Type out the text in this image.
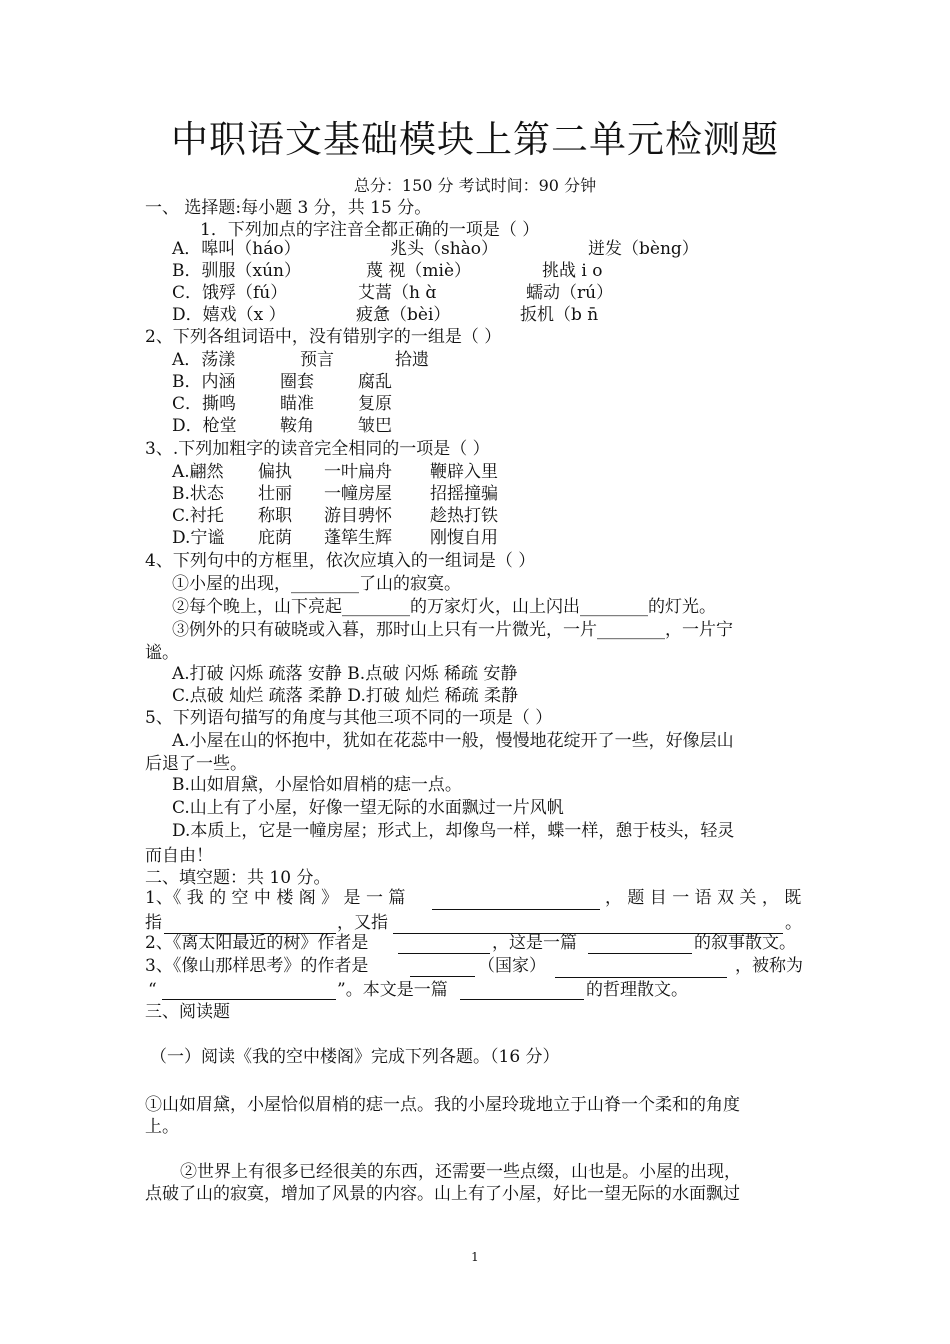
中职语文基础模块上第二单元检测题
总分：150 分 考试时间：90 分钟
一、 选择题:每小题 3 分，共 15 分。
1．下列加点的字注音全都正确的一项是（ ）
A．嗥叫（háo）	兆头（shào）	迸发（bèng）
B．驯服（xún）	蔑 视（miè）	挑战 i o
C．饿殍（fú）	艾蒿（h ɑ̀	蠕动（rú）
D．嬉戏（x ）	疲惫（bèi）	扳机（b n̄
2、下列各组词语中，没有错别字的一组是（ ）
A．荡漾	预言	拾遗
B．内涵	圈套	腐乱
C．撕鸣	瞄准	复原
D．枪堂	鞍角	皱巴
3、.下列加粗字的读音完全相同的一项是（ ）
A.翩然 偏执 一叶扁舟 鞭辟入里
B.状态 壮丽 一幢房屋 招摇撞骗
C.衬托 称职 游目骋怀 趁热打铁
D.宁谧 庇荫 蓬筚生辉 刚愎自用
4、下列句中的方框里，依次应填入的一组词是（ ）
①小屋的出现，________了山的寂寞。
②每个晚上，山下亮起________的万家灯火，山上闪出________的灯光。
③例外的只有破晓或入暮，那时山上只有一片微光，一片________，一片宁
谧。
A.打破 闪烁 疏落 安静 B.点破 闪烁 稀疏 安静
C.点破 灿烂 疏落 柔静 D.打破 灿烂 稀疏 柔静
5、下列语句描写的角度与其他三项不同的一项是（ ）
A.小屋在山的怀抱中，犹如在花蕊中一般，慢慢地花绽开了一些，好像层山
后退了一些。
B.山如眉黛，小屋恰如眉梢的痣一点。
C.山上有了小屋，好像一望无际的水面飘过一片风帆
D.本质上，它是一幢房屋；形式上，却像鸟一样，蝶一样，憩于枝头，轻灵
而自由！
二、填空题：共 10 分。
1、《 我 的 空 中 楼 阁 》 是 一 篇	， 题 目 一 语 双 关 ， 既
指	，又指	。
2、《离太阳最近的树》作者是	，这是一篇	的叙事散文。
3、《像山那样思考》的作者是	（国家）	，被称为
“	”。本文是一篇	的哲理散文。
三、阅读题
（一）阅读《我的空中楼阁》完成下列各题。（16 分）
①山如眉黛，小屋恰似眉梢的痣一点。我的小屋玲珑地立于山脊一个柔和的角度
上。
②世界上有很多已经很美的东西，还需要一些点缀，山也是。小屋的出现，
点破了山的寂寞，增加了风景的内容。山上有了小屋，好比一望无际的水面飘过
1
